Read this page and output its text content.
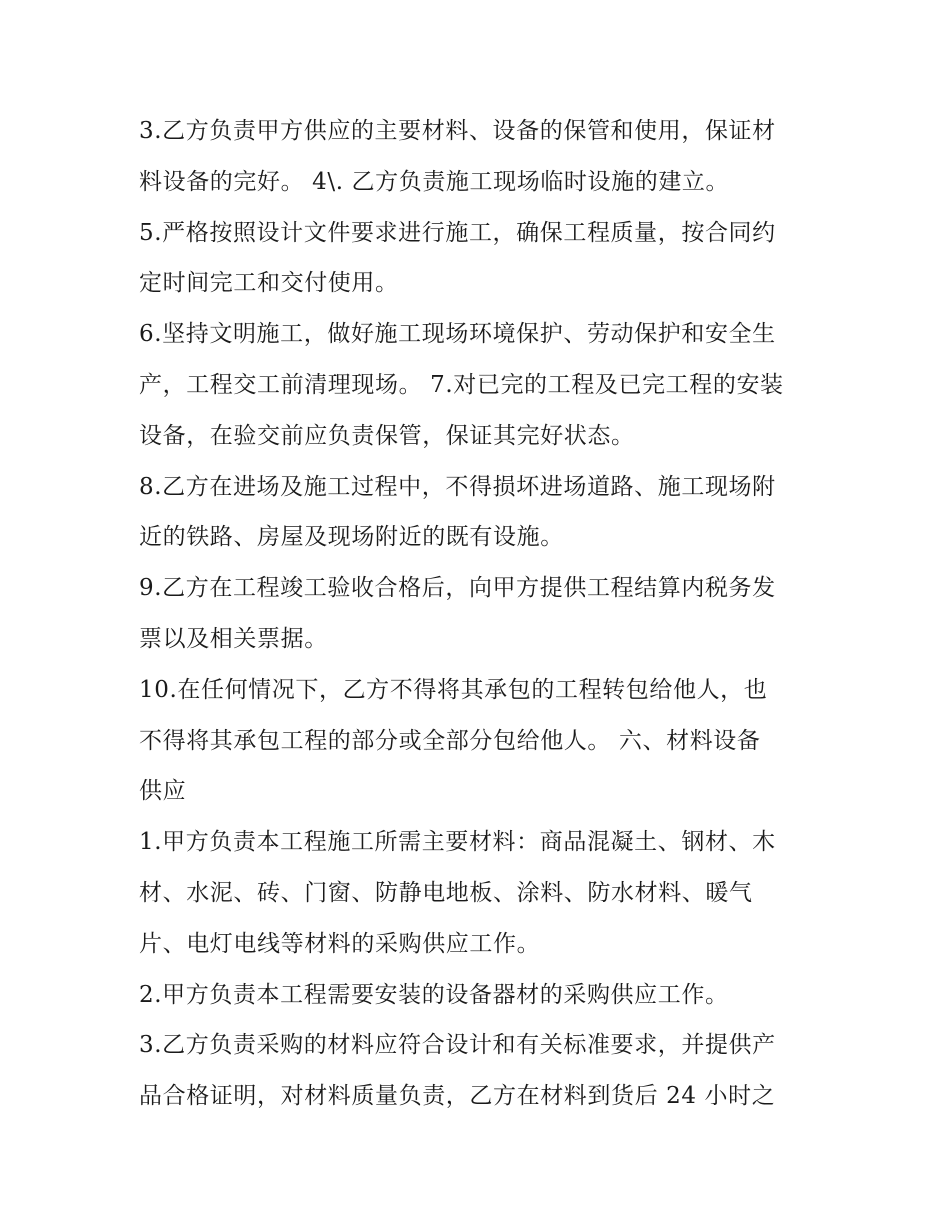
3.乙方负责甲方供应的主要材料、设备的保管和使用，保证材
料设备的完好。 4\. 乙方负责施工现场临时设施的建立。
5.严格按照设计文件要求进行施工，确保工程质量，按合同约
定时间完工和交付使用。
6.坚持文明施工，做好施工现场环境保护、劳动保护和安全生
产，工程交工前清理现场。 7.对已完的工程及已完工程的安装
设备，在验交前应负责保管，保证其完好状态。
8.乙方在进场及施工过程中，不得损坏进场道路、施工现场附
近的铁路、房屋及现场附近的既有设施。
9.乙方在工程竣工验收合格后，向甲方提供工程结算内税务发
票以及相关票据。
10.在任何情况下，乙方不得将其承包的工程转包给他人，也
不得将其承包工程的部分或全部分包给他人。 六、材料设备
供应
1.甲方负责本工程施工所需主要材料：商品混凝土、钢材、木
材、水泥、砖、门窗、防静电地板、涂料、防水材料、暖气
片、电灯电线等材料的采购供应工作。
2.甲方负责本工程需要安装的设备器材的采购供应工作。
3.乙方负责采购的材料应符合设计和有关标准要求，并提供产
品合格证明，对材料质量负责，乙方在材料到货后 24 小时之
